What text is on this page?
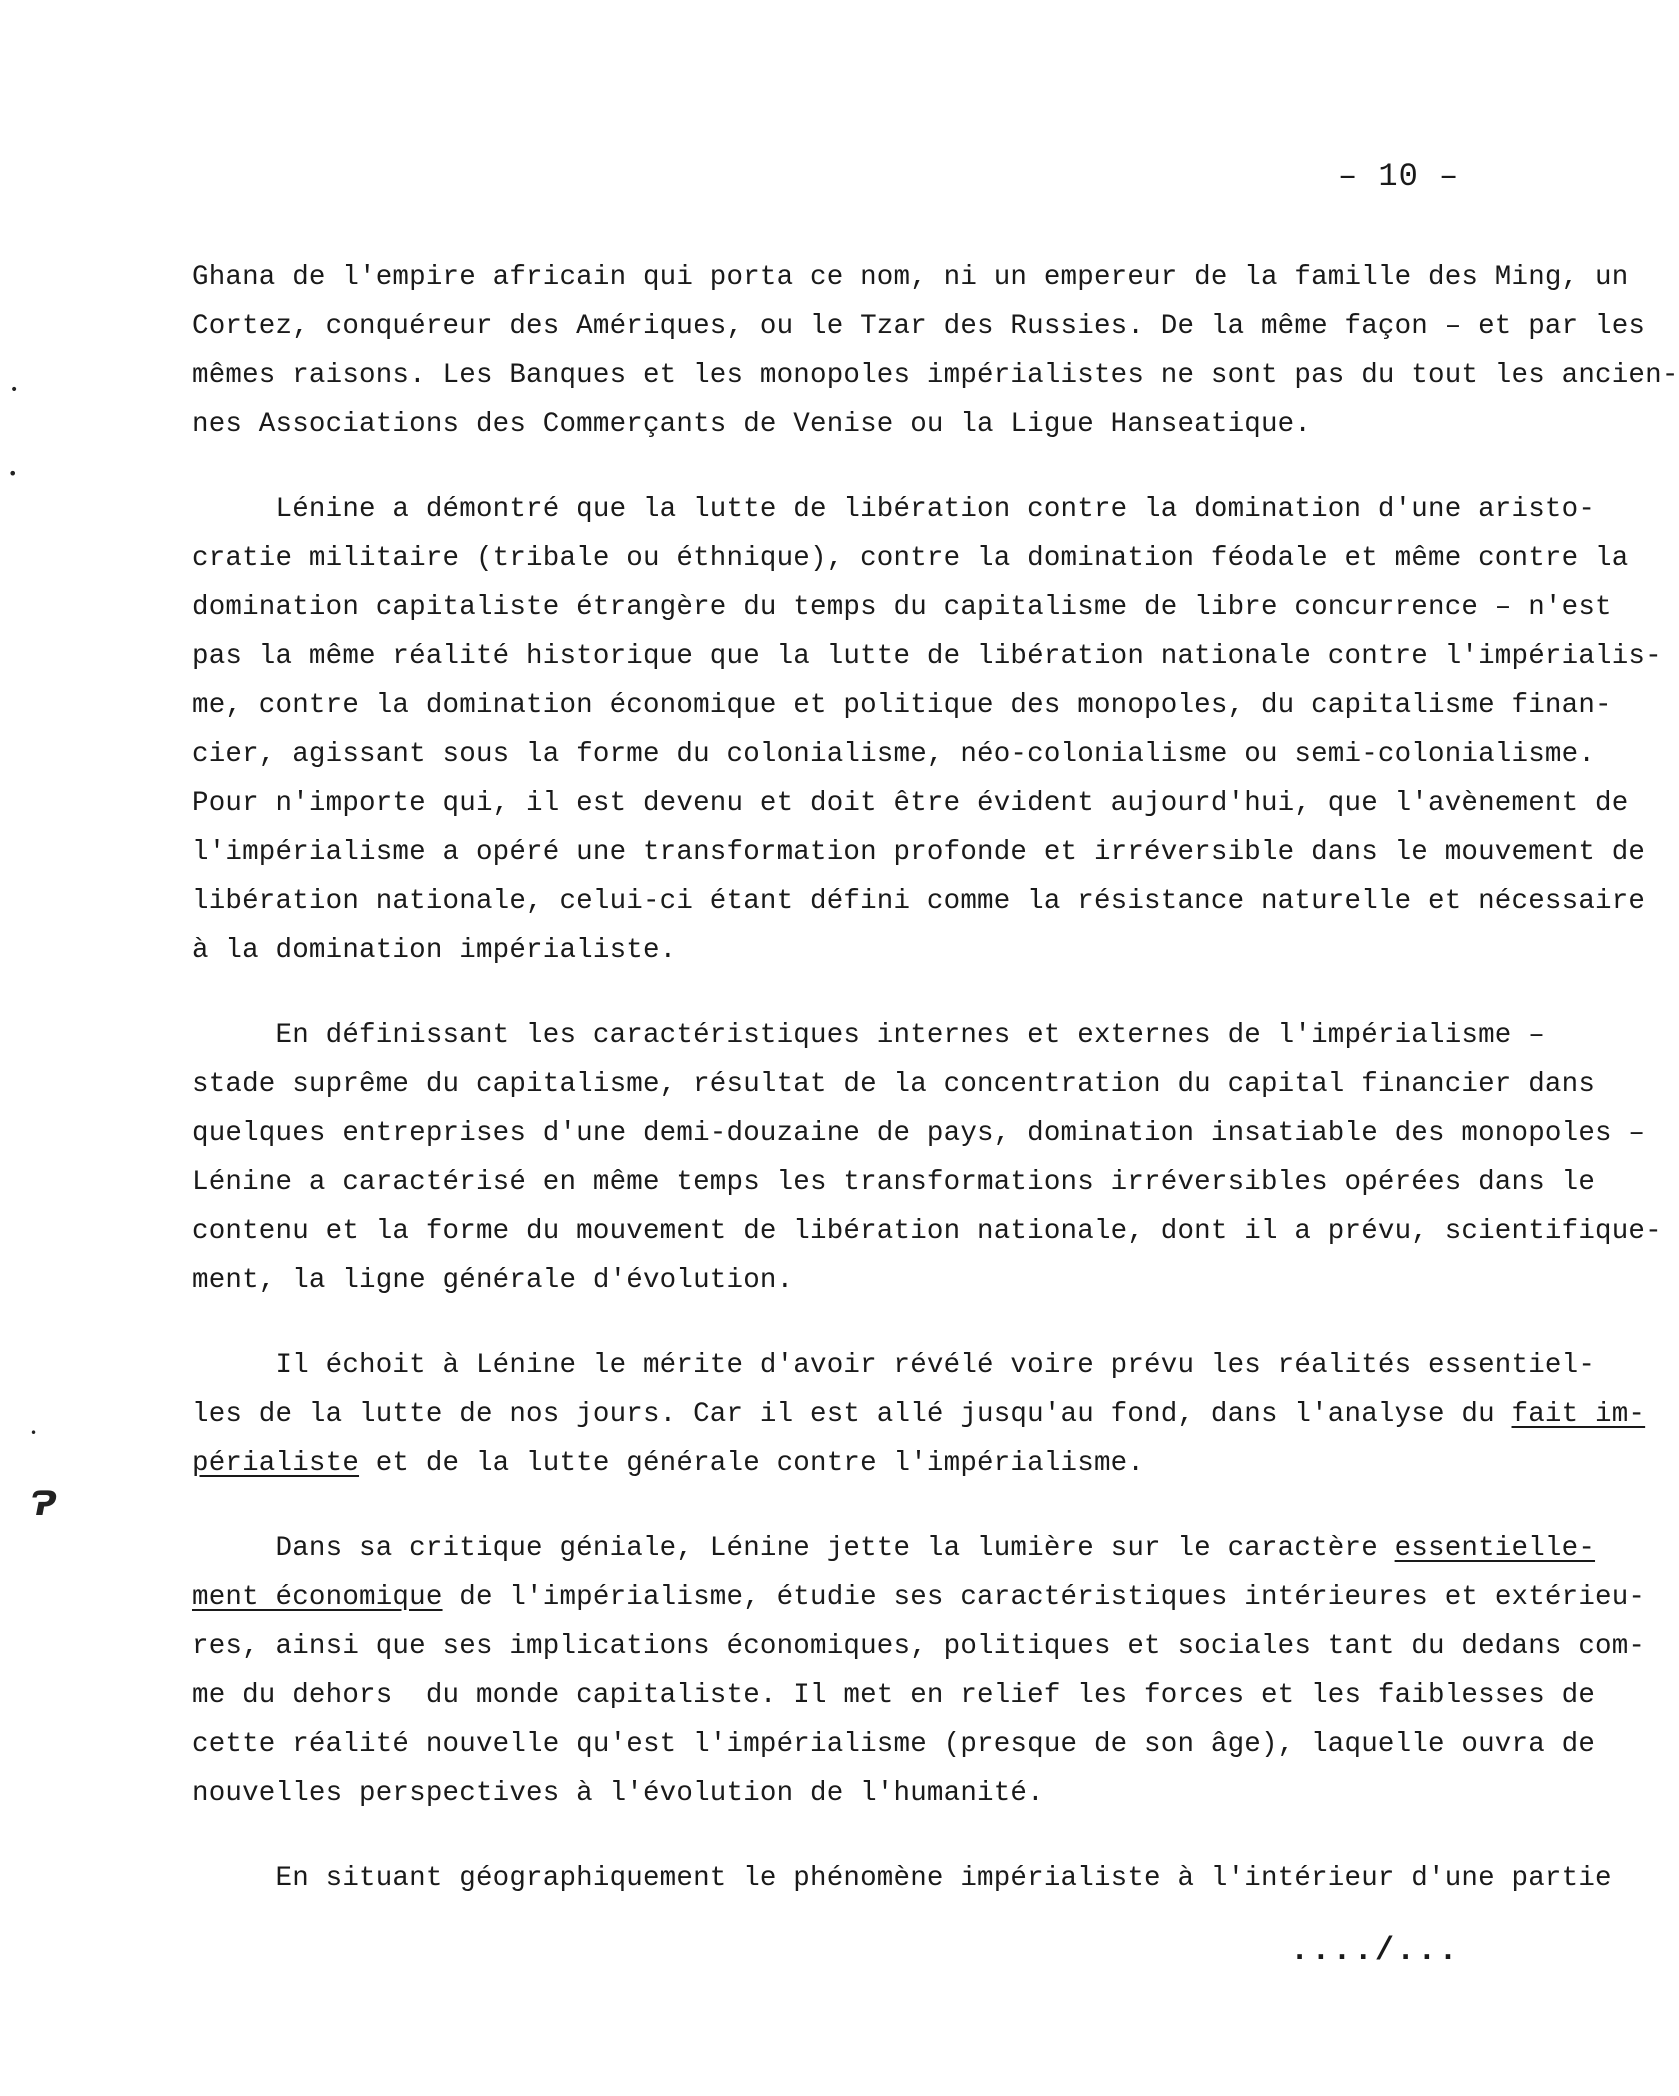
– 10 –
Ghana de l'empire africain qui porta ce nom, ni un empereur de la famille des Ming, un
Cortez, conquéreur des Amériques, ou le Tzar des Russies. De la même façon – et par les
mêmes raisons. Les Banques et les monopoles impérialistes ne sont pas du tout les ancien-
nes Associations des Commerçants de Venise ou la Ligue Hanseatique.
Lénine a démontré que la lutte de libération contre la domination d'une aristo-
cratie militaire (tribale ou éthnique), contre la domination féodale et même contre la
domination capitaliste étrangère du temps du capitalisme de libre concurrence – n'est
pas la même réalité historique que la lutte de libération nationale contre l'impérialis-
me, contre la domination économique et politique des monopoles, du capitalisme finan-
cier, agissant sous la forme du colonialisme, néo-colonialisme ou semi-colonialisme.
Pour n'importe qui, il est devenu et doit être évident aujourd'hui, que l'avènement de
l'impérialisme a opéré une transformation profonde et irréversible dans le mouvement de
libération nationale, celui-ci étant défini comme la résistance naturelle et nécessaire
à la domination impérialiste.
En définissant les caractéristiques internes et externes de l'impérialisme –
stade suprême du capitalisme, résultat de la concentration du capital financier dans
quelques entreprises d'une demi-douzaine de pays, domination insatiable des monopoles –
Lénine a caractérisé en même temps les transformations irréversibles opérées dans le
contenu et la forme du mouvement de libération nationale, dont il a prévu, scientifique-
ment, la ligne générale d'évolution.
Il échoit à Lénine le mérite d'avoir révélé voire prévu les réalités essentiel-
les de la lutte de nos jours. Car il est allé jusqu'au fond, dans l'analyse du fait im-
périaliste et de la lutte générale contre l'impérialisme.
Dans sa critique géniale, Lénine jette la lumière sur le caractère essentielle-
ment économique de l'impérialisme, étudie ses caractéristiques intérieures et extérieu-
res, ainsi que ses implications économiques, politiques et sociales tant du dedans com-
me du dehors  du monde capitaliste. Il met en relief les forces et les faiblesses de
cette réalité nouvelle qu'est l'impérialisme (presque de son âge), laquelle ouvra de
nouvelles perspectives à l'évolution de l'humanité.
En situant géographiquement le phénomène impérialiste à l'intérieur d'une partie
..../...
•
•
•
Ɂ
